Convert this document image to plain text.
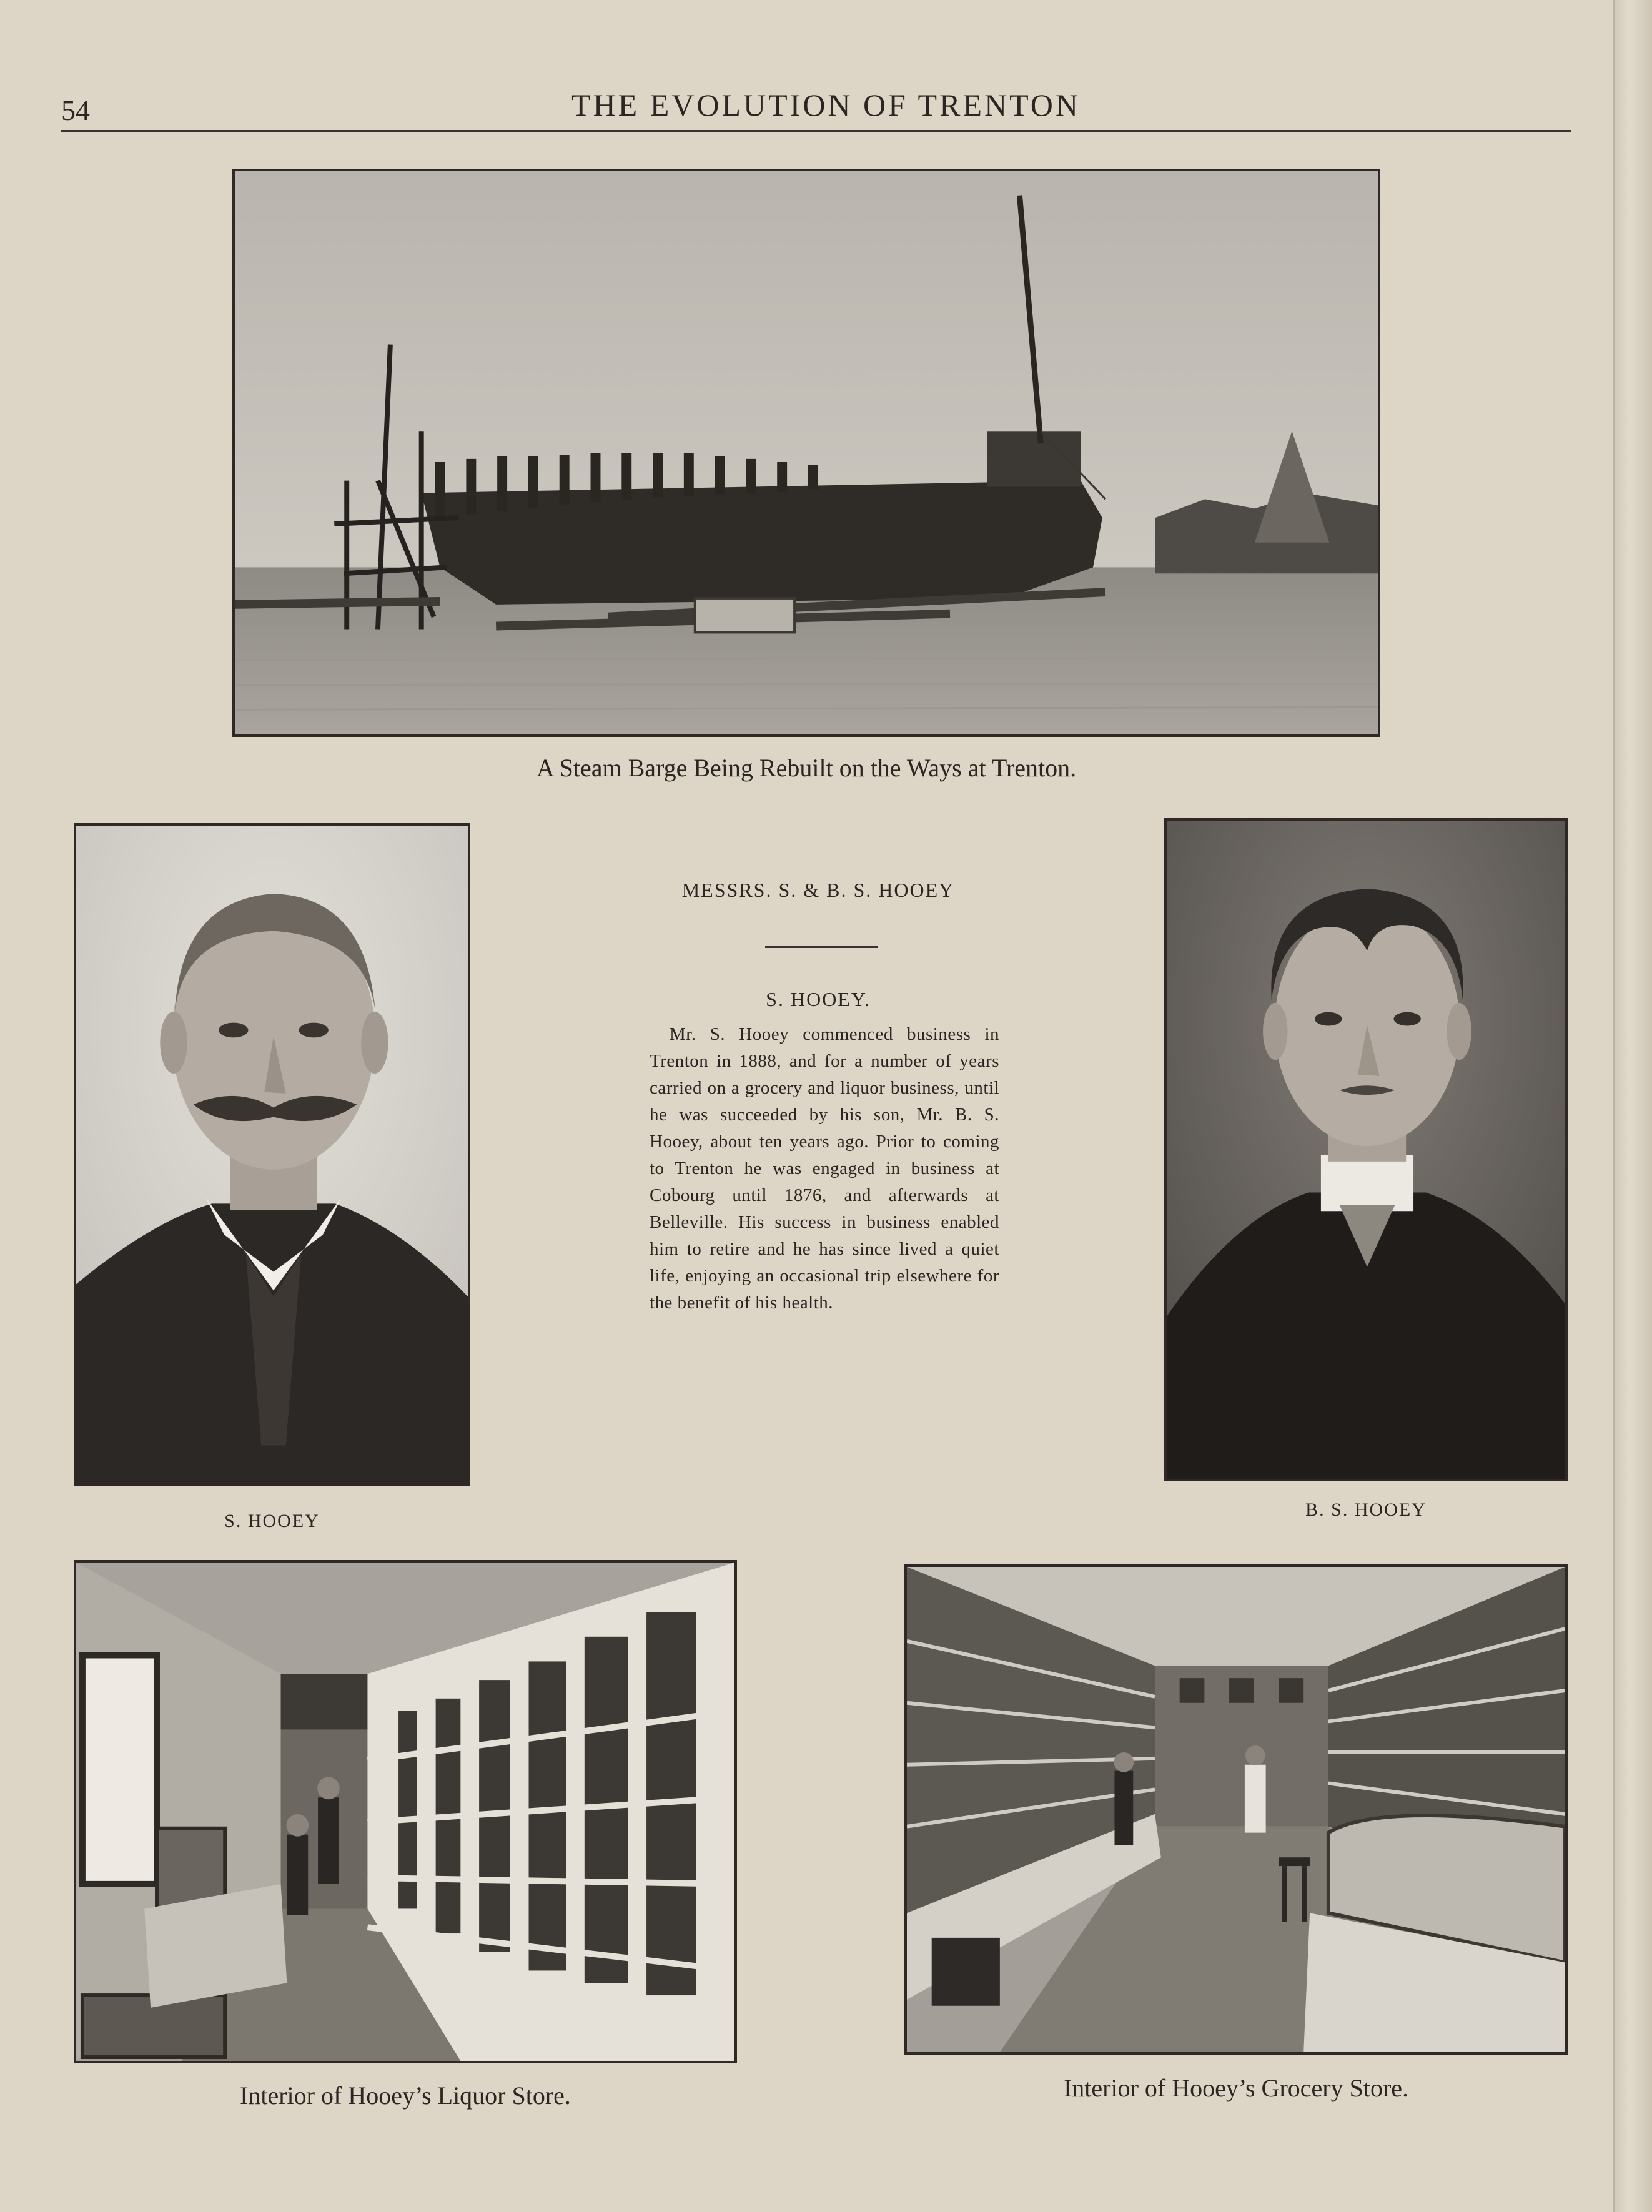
54	THE EVOLUTION OF TRENTON
A Steam Barge Being Rebuilt on the Ways at Trenton.
S. HOOEY
MESSRS. S. & B. S. HOOEY
S. HOOEY.
Mr. S. Hooey commenced business in Trenton in 1888, and for a number of years carried on a grocery and liquor business, until he was succeeded by his son, Mr. B. S. Hooey, about ten years ago. Prior to coming to Trenton he was engaged in business at Cobourg until 1876, and afterwards at Belleville. His success in business enabled him to retire and he has since lived a quiet life, enjoying an occasional trip elsewhere for the benefit of his health.
B. S. HOOEY
Interior of Hooey’s Liquor Store.	Interior of Hooey’s Grocery Store.
